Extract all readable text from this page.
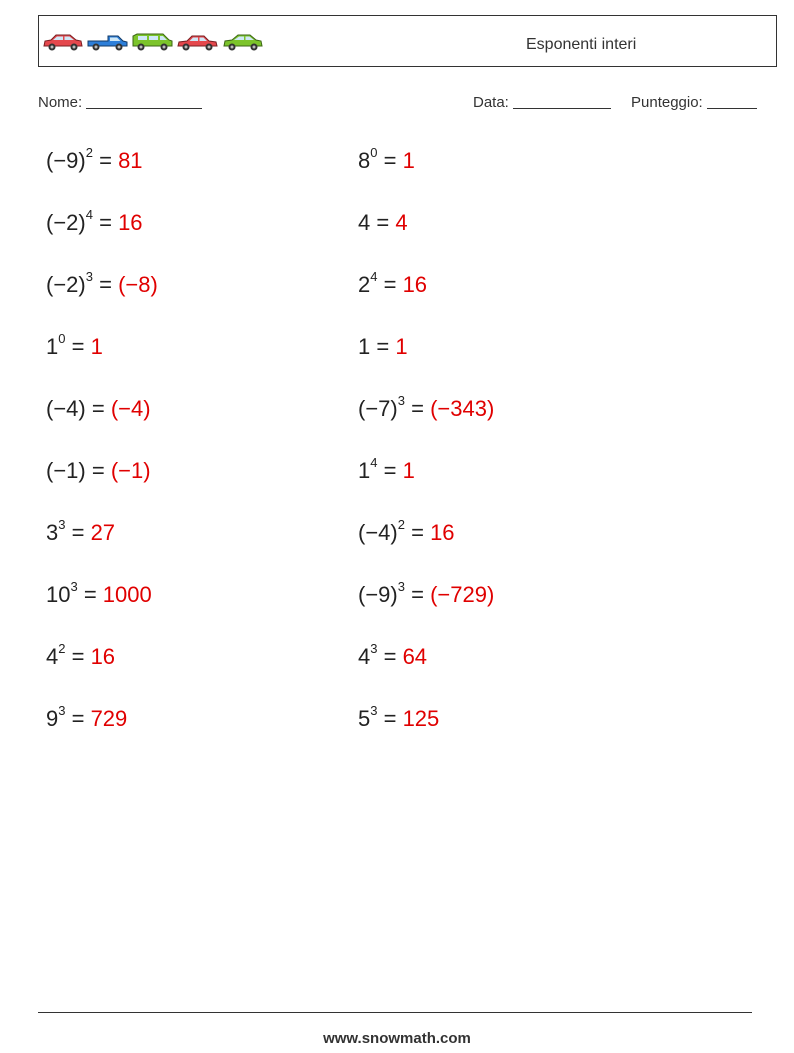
Esponenti interi
Nome:	Data:	Punteggio:
$(-9)^2 = 81$
$(-2)^4 = 16$
$(-2)^3 = (-8)$
$1^0 = 1$
(−4) = (−4)
(−1) = (−1)
$3^3 = 27$
$10^3 = 1000$
$4^2 = 16$
$9^3 = 729$
$8^0 = 1$
4 = 4
$2^4 = 16$
1 = 1
$(-7)^3 = (-343)$
$1^4 = 1$
$(-4)^2 = 16$
$(-9)^3 = (-729)$
$4^3 = 64$
$5^3 = 125$
www.snowmath.com
